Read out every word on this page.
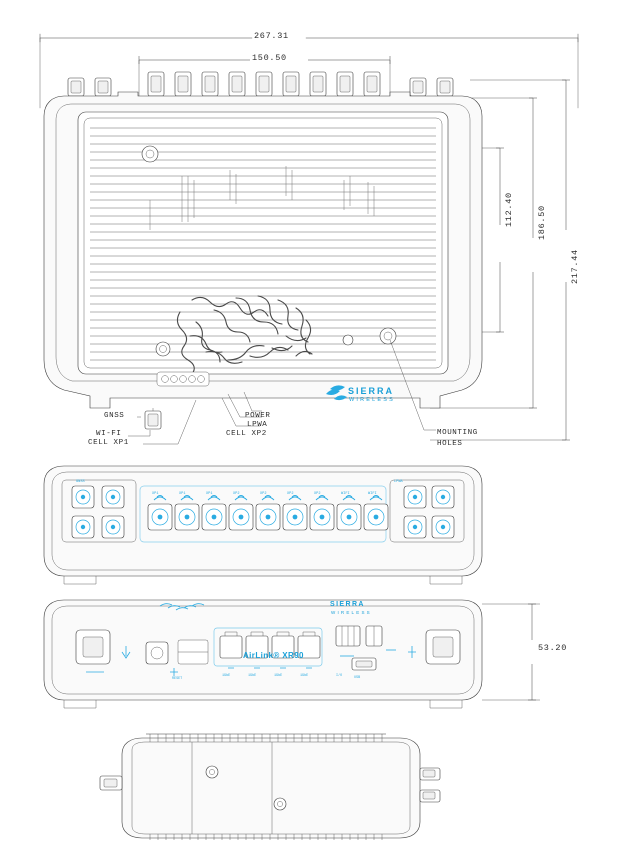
XP1	XP1	XP1	XP2	XP2	XP2	XP2	WIFI	WIFI
GNSS	LPWA
RESET
1GbE	1GbE	1GbE	1GbE	I/O	USB
267.31
150.50
112.40	186.50
217.44
53.20
GNSS
WI-FI
CELL XP1
CELL XP2
LPWA
POWER
MOUNTING
HOLES
SIERRA
WIRELESS
AirLink® XR90
SIERRA
WIRELESS
